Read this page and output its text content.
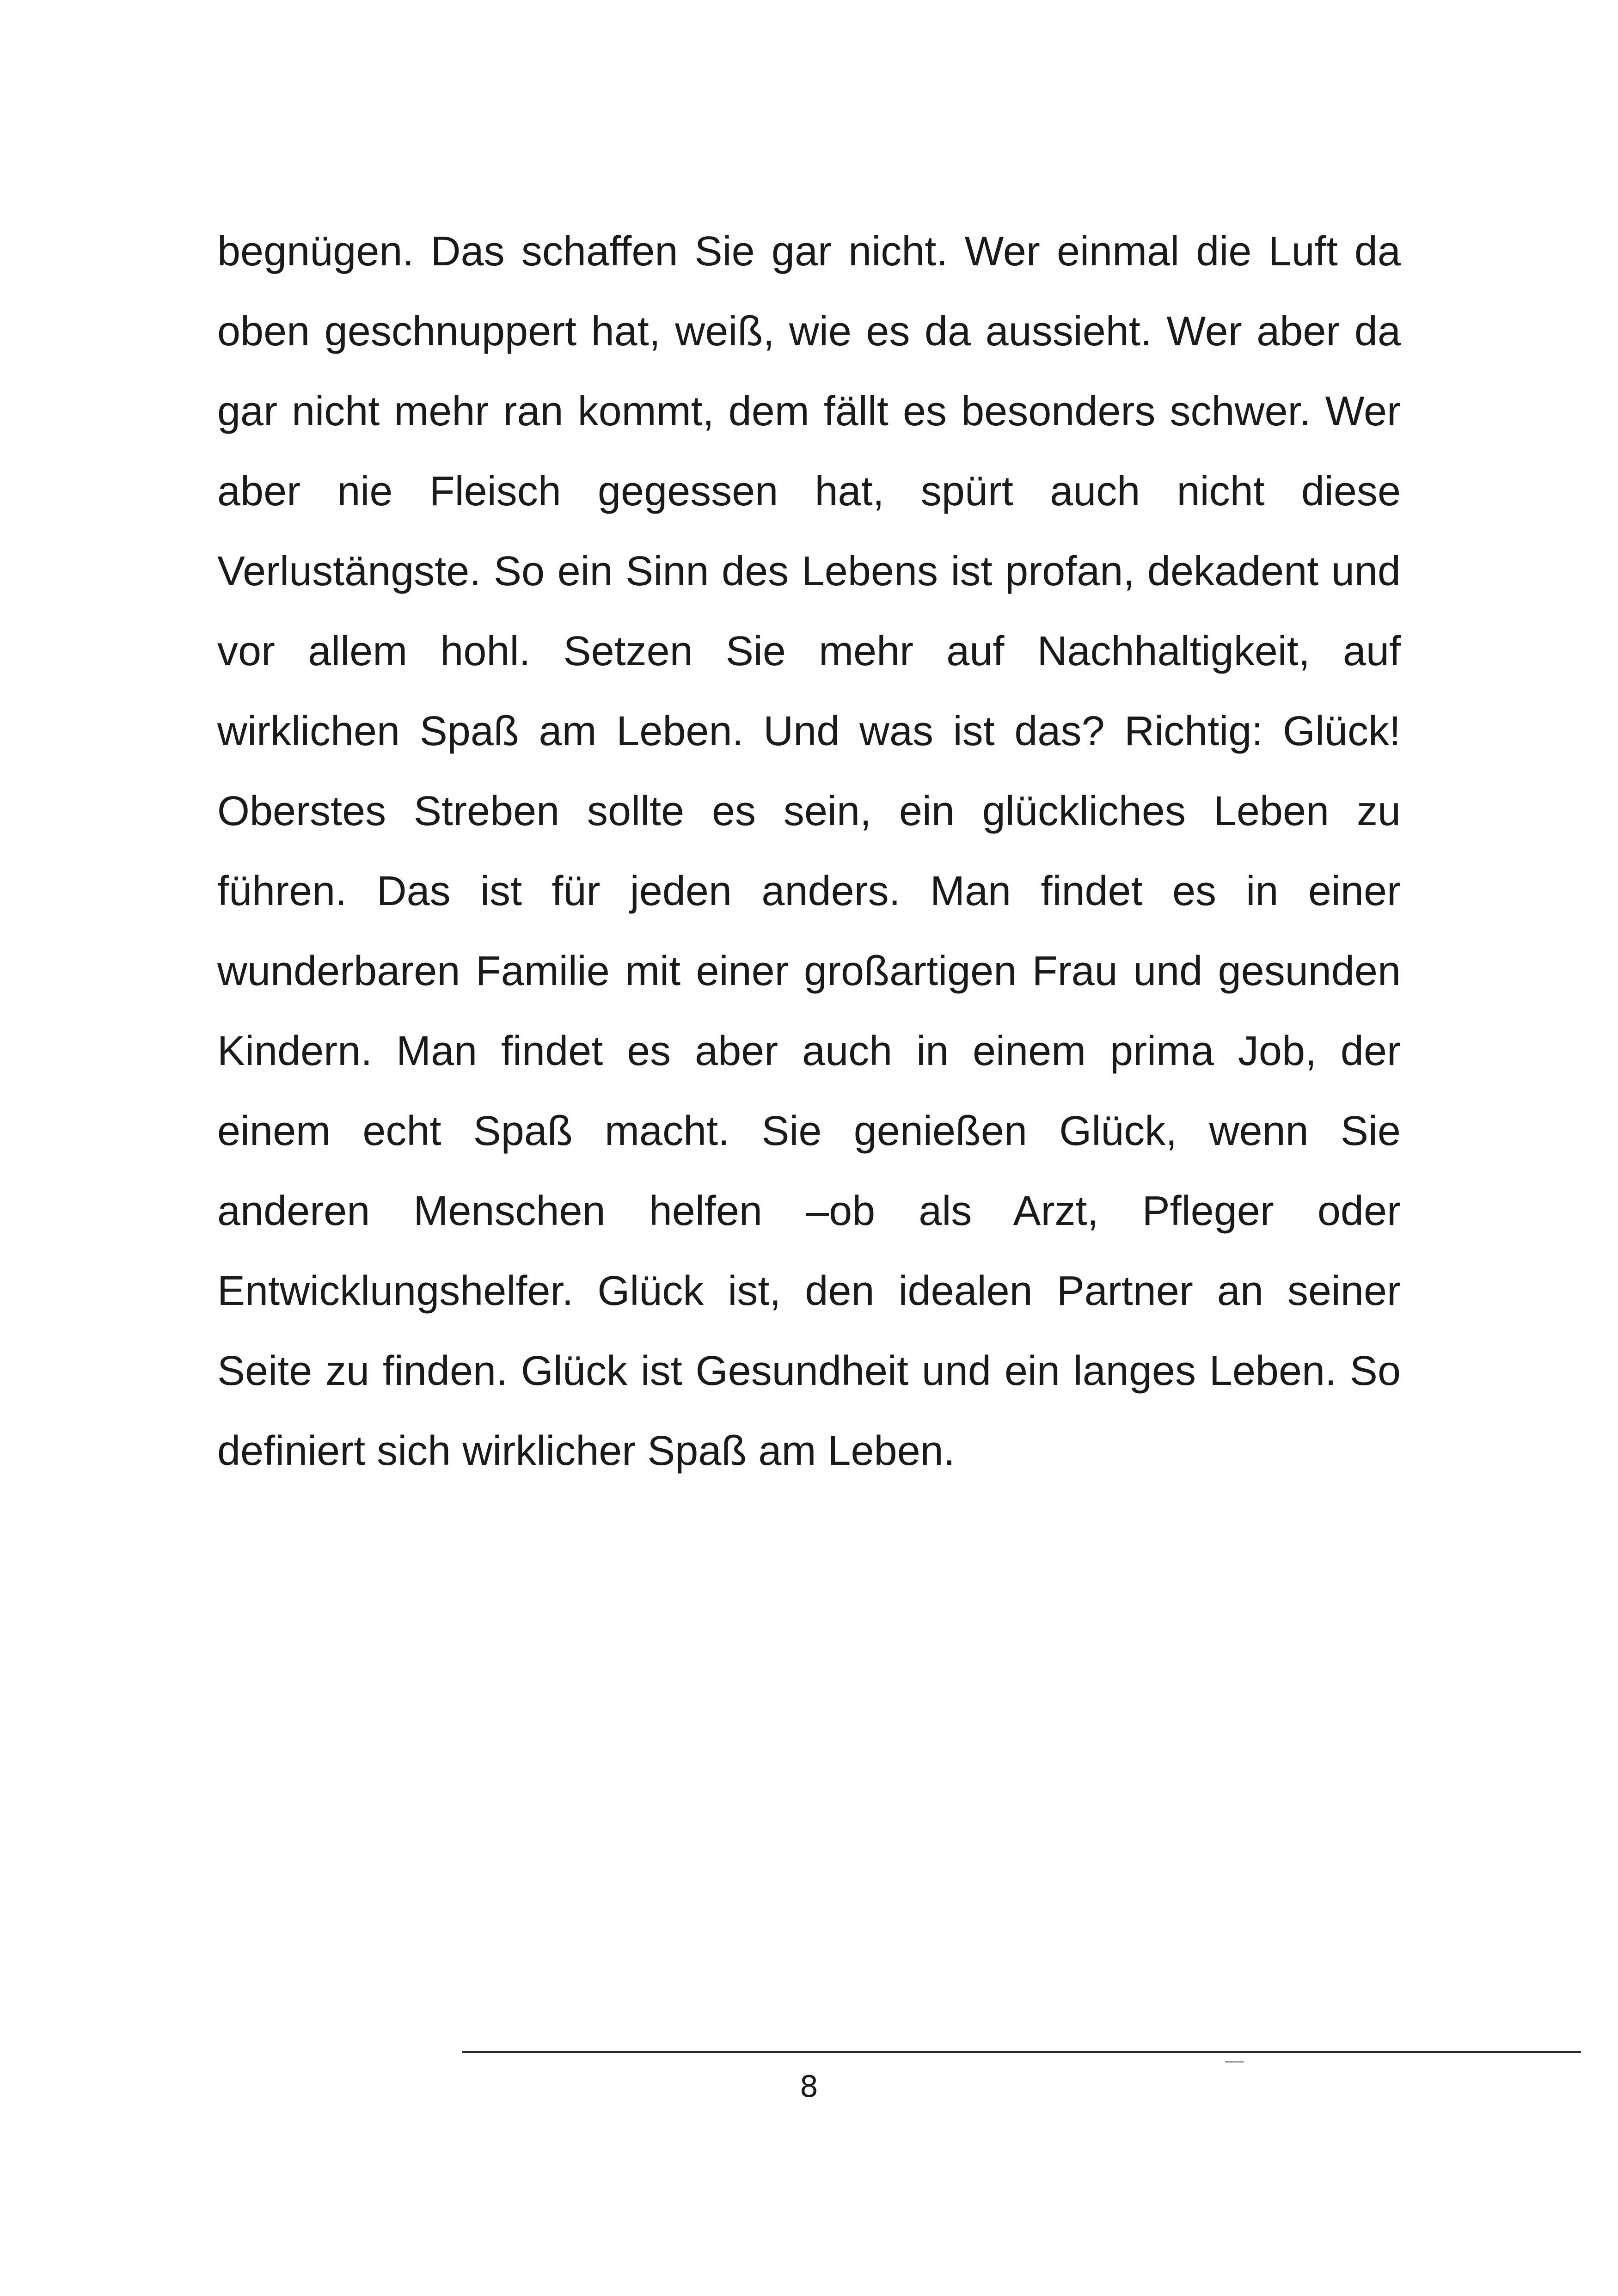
begnügen. Das schaffen Sie gar nicht. Wer einmal die Luft da oben geschnuppert hat, weiß, wie es da aussieht. Wer aber da gar nicht mehr ran kommt, dem fällt es besonders schwer. Wer aber nie Fleisch gegessen hat, spürt auch nicht diese Verlustängste. So ein Sinn des Lebens ist profan, dekadent und vor allem hohl. Setzen Sie mehr auf Nachhaltigkeit, auf wirklichen Spaß am Leben. Und was ist das? Richtig: Glück! Oberstes Streben sollte es sein, ein glückliches Leben zu führen. Das ist für jeden anders. Man findet es in einer wunderbaren Familie mit einer großartigen Frau und gesunden Kindern. Man findet es aber auch in einem prima Job, der einem echt Spaß macht. Sie genießen Glück, wenn Sie anderen Menschen helfen –ob als Arzt, Pfleger oder Entwicklungshelfer. Glück ist, den idealen Partner an seiner Seite zu finden. Glück ist Gesundheit und ein langes Leben. So definiert sich wirklicher Spaß am Leben.

8
